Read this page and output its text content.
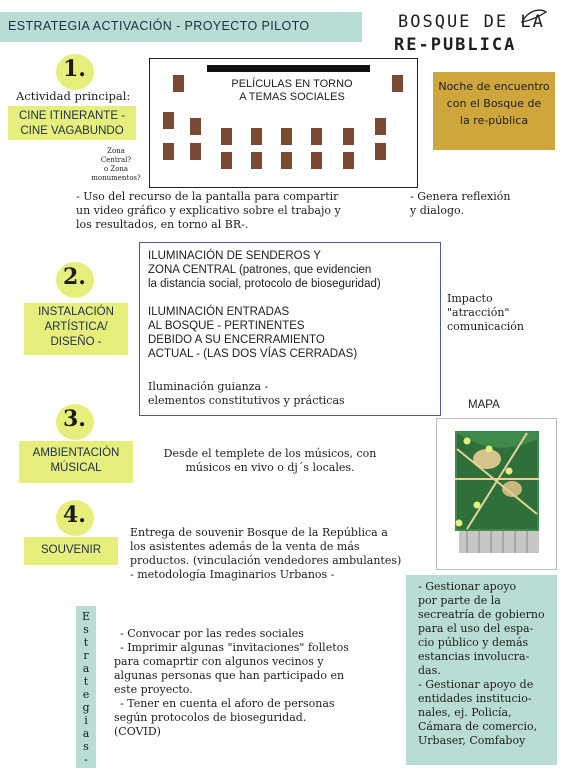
ESTRATEGIA ACTIVACIÓN - PROYECTO PILOTO	BOSQUE DE LA
RE-PUBLICA
1.
Actividad principal:
CINE ITINERANTE -
CINE VAGABUNDO
Zona
Central?
o Zona
monumentos?
PELÍCULAS EN TORNO
A TEMAS SOCIALES
Noche de encuentro
con el Bosque de
la re-pública
- Uso del recurso de la pantalla para compartir
un video gráfico y explicativo sobre el trabajo y
los resultados, en torno al BR-.
- Genera reflexión
y dialogo.
2.
INSTALACIÓN
ARTÍSTICA/
DISEÑO -
ILUMINACIÓN DE SENDEROS Y
ZONA CENTRAL (patrones, que evidencien
la distancia social, protocolo de bioseguridad)
ILUMINACIÓN ENTRADAS
AL BOSQUE - PERTINENTES
DEBIDO A SU ENCERRAMIENTO
ACTUAL - (LAS DOS VÍAS CERRADAS)
Iluminación guianza -
elementos constitutivos y prácticas
Impacto
"atracción"
comunicación
3.
AMBIENTACIÓN
MÚSICAL
Desde el templete de los músicos, con
músicos en vivo o dj´s locales.
MAPA
4.
SOUVENIR
Entrega de souvenir Bosque de la República a
los asistentes además de la venta de más
productos. (vinculación vendedores ambulantes)
- metodología Imaginarios Urbanos -
E
s
t
r
a
t
e
g
i
a
s
-
- Convocar por las redes sociales
- Imprimir algunas "invitaciones" folletos
para comaprtir con algunos vecinos y
algunas personas que han participado en
este proyecto.
- Tener en cuenta el aforo de personas
según protocolos de bioseguridad.
(COVID)
- Gestionar apoyo
por parte de la
secreatría de gobierno
para el uso del espa-
cio público y demás
estancias involucra-
das.
- Gestionar apoyo de
entidades institucio-
nales, ej. Policía,
Cámara de comercio,
Urbaser, Comfaboy
